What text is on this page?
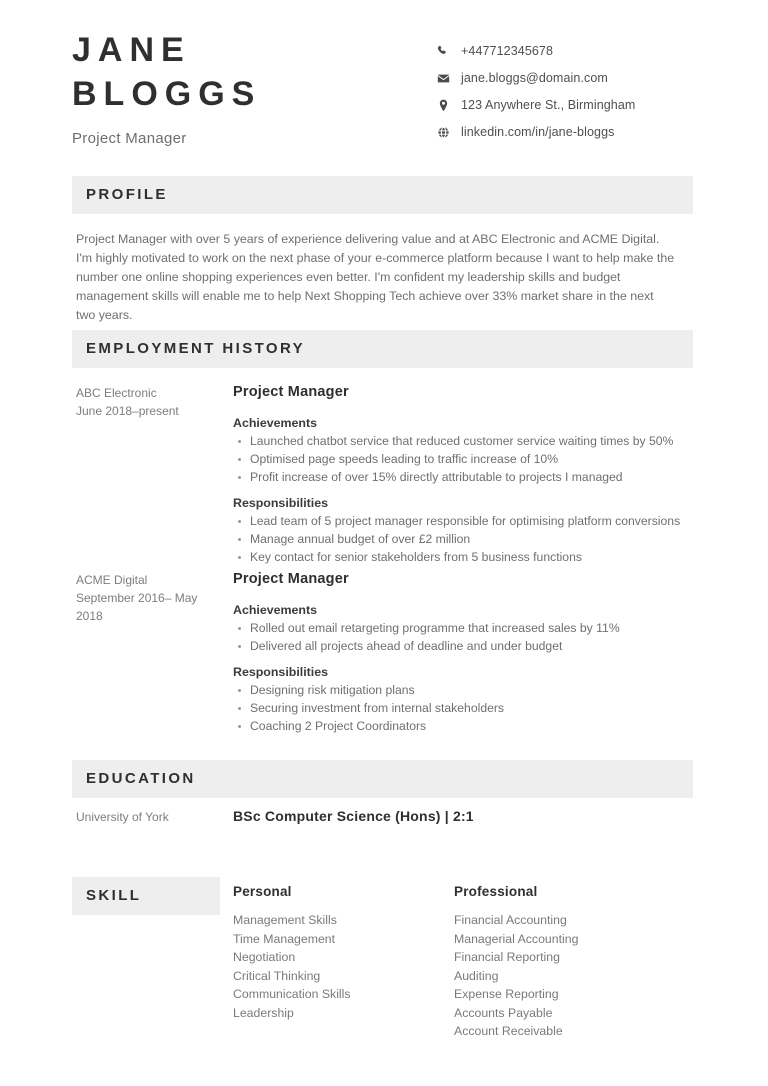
JANE
BLOGGS
Project Manager
+447712345678
jane.bloggs@domain.com
123 Anywhere St., Birmingham
linkedin.com/in/jane-bloggs
PROFILE
Project Manager with over 5 years of experience delivering value and at ABC Electronic and ACME Digital. I'm highly motivated to work on the next phase of your e-commerce platform because I want to help make the number one online shopping experiences even better. I'm confident my leadership skills and budget management skills will enable me to help Next Shopping Tech achieve over 33% market share in the next two years.
EMPLOYMENT HISTORY
ABC Electronic
June 2018–present
Project Manager
Achievements
Launched chatbot service that reduced customer service waiting times by 50%
Optimised page speeds leading to traffic increase of 10%
Profit increase of over 15% directly attributable to projects I managed
Responsibilities
Lead team of 5 project manager responsible for optimising platform conversions
Manage annual budget of over £2 million
Key contact for senior stakeholders from 5 business functions
ACME Digital
September 2016– May 2018
Project Manager
Achievements
Rolled out email retargeting programme that increased sales by 11%
Delivered all projects ahead of deadline and under budget
Responsibilities
Designing risk mitigation plans
Securing investment from internal stakeholders
Coaching 2 Project Coordinators
EDUCATION
University of York	BSc Computer Science (Hons) | 2:1
SKILL	Personal
Management Skills
Time Management
Negotiation
Critical Thinking
Communication Skills
Leadership
Professional
Financial Accounting
Managerial Accounting
Financial Reporting
Auditing
Expense Reporting
Accounts Payable
Account Receivable
